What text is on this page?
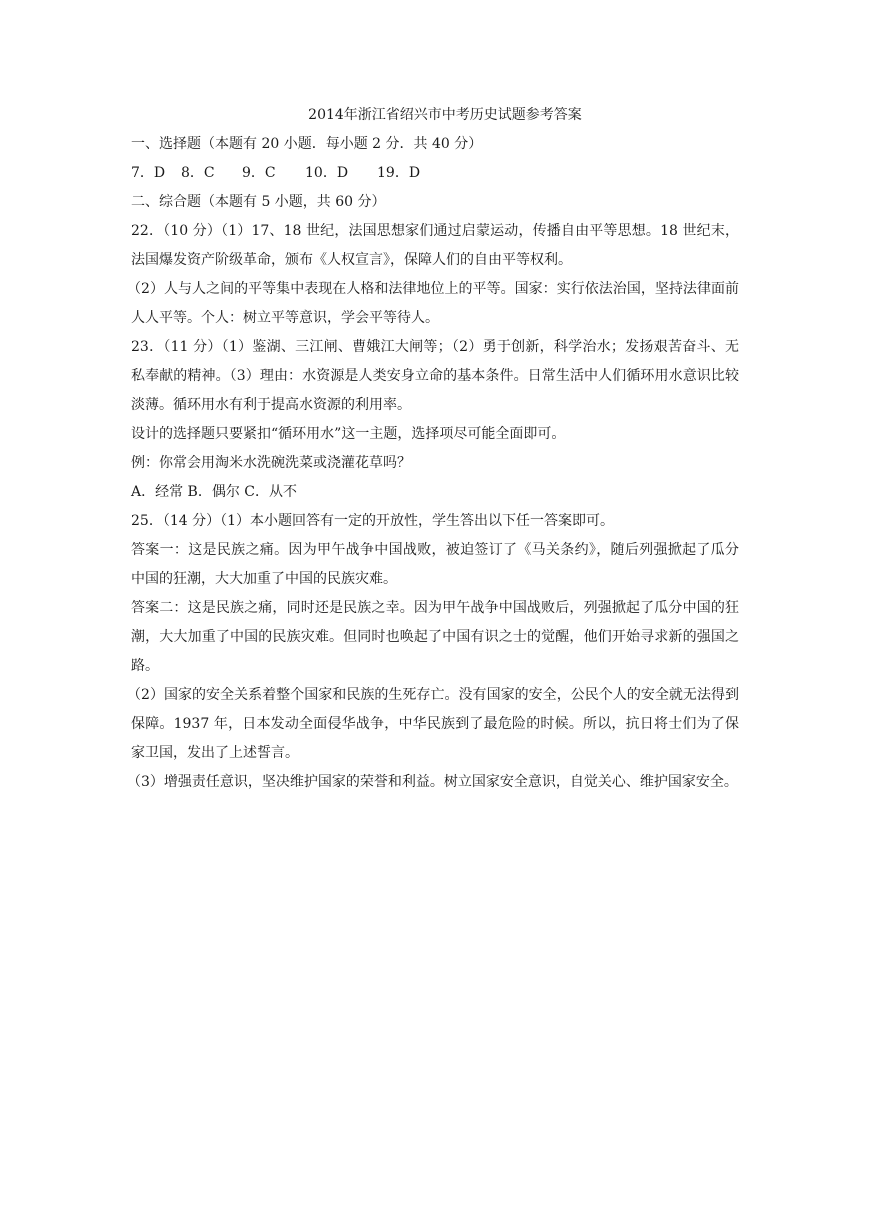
2014年浙江省绍兴市中考历史试题参考答案

一、选择题（本题有 20 小题．每小题 2 分．共 40 分）

7．D	8．C	9．C	10．D	19．D

二、综合题（本题有 5 小题，共 60 分）

22．（10 分）（1）17、18 世纪，法国思想家们通过启蒙运动，传播自由平等思想。18 世纪末，法国爆发资产阶级革命，颁布《人权宣言》，保障人们的自由平等权利。

（2）人与人之间的平等集中表现在人格和法律地位上的平等。国家：实行依法治国，坚持法律面前人人平等。个人：树立平等意识，学会平等待人。

23．（11 分）（1）鉴湖、三江闸、曹娥江大闸等；（2）勇于创新，科学治水；发扬艰苦奋斗、无私奉献的精神。（3）理由：水资源是人类安身立命的基本条件。日常生活中人们循环用水意识比较淡薄。循环用水有利于提高水资源的利用率。

设计的选择题只要紧扣“循环用水”这一主题，选择项尽可能全面即可。

例：你常会用淘米水洗碗洗菜或浇灌花草吗？

A．经常 B．偶尔 C．从不

25．（14 分）（1）本小题回答有一定的开放性，学生答出以下任一答案即可。

答案一：这是民族之痛。因为甲午战争中国战败，被迫签订了《马关条约》，随后列强掀起了瓜分中国的狂潮，大大加重了中国的民族灾难。

答案二：这是民族之痛，同时还是民族之幸。因为甲午战争中国战败后，列强掀起了瓜分中国的狂潮，大大加重了中国的民族灾难。但同时也唤起了中国有识之士的觉醒，他们开始寻求新的强国之路。

（2）国家的安全关系着整个国家和民族的生死存亡。没有国家的安全，公民个人的安全就无法得到保障。1937 年，日本发动全面侵华战争，中华民族到了最危险的时候。所以，抗日将士们为了保家卫国，发出了上述誓言。

（3）增强责任意识，坚决维护国家的荣誉和利益。树立国家安全意识，自觉关心、维护国家安全。
